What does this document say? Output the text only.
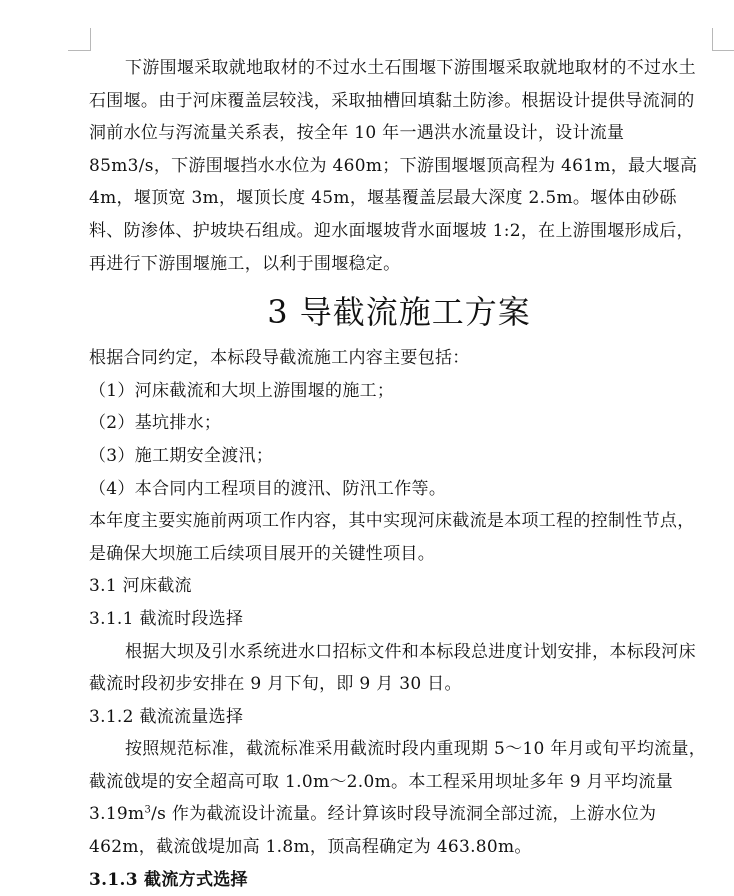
下游围堰采取就地取材的不过水土石围堰下游围堰采取就地取材的不过水土石围堰。由于河床覆盖层较浅，采取抽槽回填黏土防渗。根据设计提供导流洞的洞前水位与泻流量关系表，按全年 10 年一遇洪水流量设计，设计流量 85m3/s，下游围堰挡水水位为 460m；下游围堰堰顶高程为 461m，最大堰高 4m，堰顶宽 3m，堰顶长度 45m，堰基覆盖层最大深度 2.5m。堰体由砂砾料、防渗体、护坡块石组成。迎水面堰坡背水面堰坡 1:2，在上游围堰形成后，再进行下游围堰施工，以利于围堰稳定。

3 导截流施工方案

根据合同约定，本标段导截流施工内容主要包括：

（1）河床截流和大坝上游围堰的施工；

（2）基坑排水；

（3）施工期安全渡汛；

（4）本合同内工程项目的渡汛、防汛工作等。

本年度主要实施前两项工作内容，其中实现河床截流是本项工程的控制性节点，是确保大坝施工后续项目展开的关键性项目。

3.1 河床截流

3.1.1 截流时段选择

根据大坝及引水系统进水口招标文件和本标段总进度计划安排，本标段河床截流时段初步安排在 9 月下旬，即 9 月 30 日。

3.1.2 截流流量选择

按照规范标准，截流标准采用截流时段内重现期 5～10 年月或旬平均流量，截流戗堤的安全超高可取 1.0m～2.0m。本工程采用坝址多年 9 月平均流量 $3.19m^3/s$ 作为截流设计流量。经计算该时段导流洞全部过流，上游水位为 462m，截流戗堤加高 1.8m，顶高程确定为 463.80m。

3.1.3 截流方式选择
